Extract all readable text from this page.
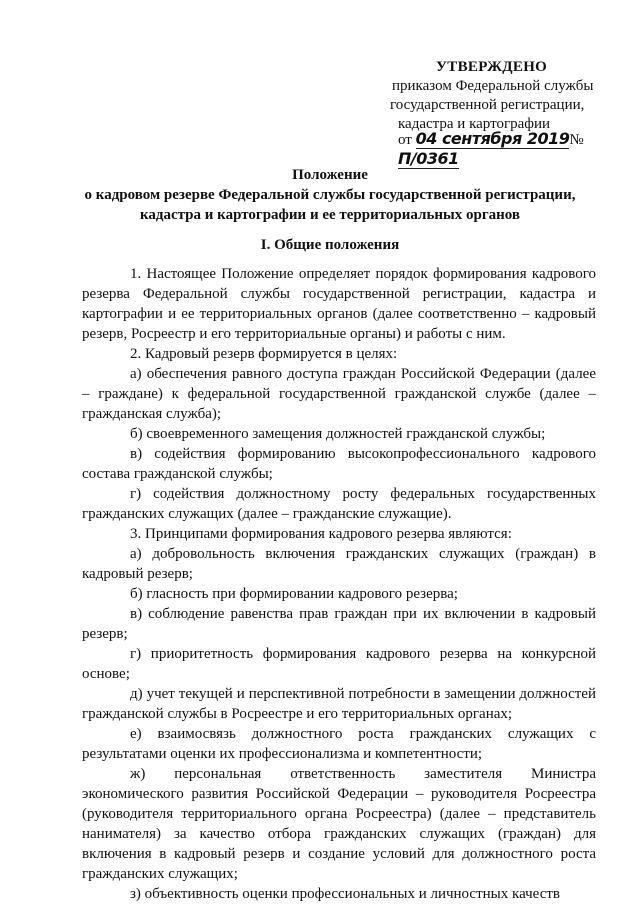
УТВЕРЖДЕНО
приказом Федеральной службы
государственной регистрации,
кадастра и картографии
от 04 сентября 2019№П/0361
Положение
о кадровом резерве Федеральной службы государственной регистрации,
кадастра и картографии и ее территориальных органов
I. Общие положения

1. Настоящее Положение определяет порядок формирования кадрового резерва Федеральной службы государственной регистрации, кадастра и картографии и ее территориальных органов (далее соответственно – кадровый резерв, Росреестр и его территориальные органы) и работы с ним.

2. Кадровый резерв формируется в целях:

а) обеспечения равного доступа граждан Российской Федерации (далее – граждане) к федеральной государственной гражданской службе (далее – гражданская служба);

б) своевременного замещения должностей гражданской службы;

в) содействия формированию высокопрофессионального кадрового состава гражданской службы;

г) содействия должностному росту федеральных государственных гражданских служащих (далее – гражданские служащие).

3. Принципами формирования кадрового резерва являются:

а) добровольность включения гражданских служащих (граждан) в кадровый резерв;

б) гласность при формировании кадрового резерва;

в) соблюдение равенства прав граждан при их включении в кадровый резерв;

г) приоритетность формирования кадрового резерва на конкурсной основе;

д) учет текущей и перспективной потребности в замещении должностей гражданской службы в Росреестре и его территориальных органах;

е) взаимосвязь должностного роста гражданских служащих с результатами оценки их профессионализма и компетентности;

ж) персональная ответственность заместителя Министра экономического развития Российской Федерации – руководителя Росреестра (руководителя территориального органа Росреестра) (далее – представитель нанимателя) за качество отбора гражданских служащих (граждан) для включения в кадровый резерв и создание условий для должностного роста гражданских служащих;

з) объективность оценки профессиональных и личностных качеств
